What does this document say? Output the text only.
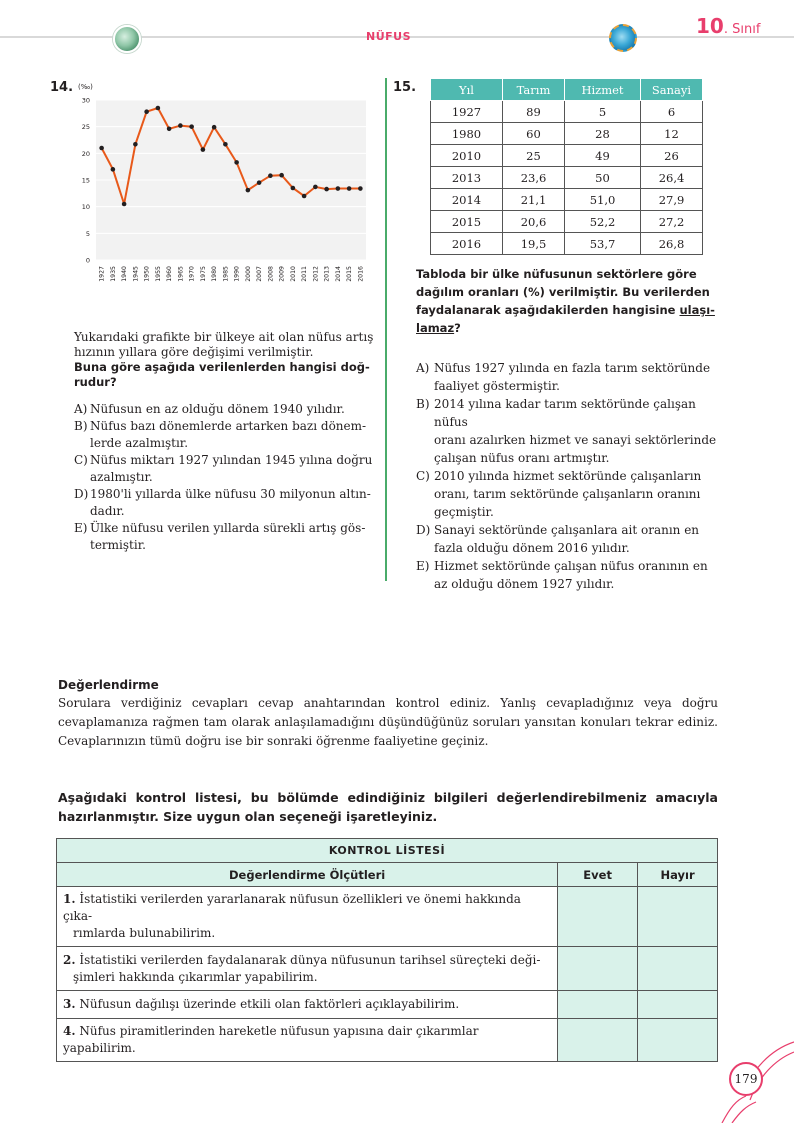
NÜFUS	10. Sınıf
14. (‰)
0
5
10
15
20
25
30
1927 1935 1940 1945 1950 1955 1960 1965 1970 1975 1980 1985 1990 2000 2007 2008 2009 2010 2011 2012 2013 2014 2015 2016

Yukarıdaki grafikte bir ülkeye ait olan nüfus artış hızının yıllara göre değişimi verilmiştir.

Buna göre aşağıda verilenlerden hangisi doğ-

rudur?

A) Nüfusun en az olduğu dönem 1940 yılıdır.
B) Nüfus bazı dönemlerde artarken bazı dönem-
lerde azalmıştır.
C) Nüfus miktarı 1927 yılından 1945 yılına doğru
azalmıştır.
D) 1980'li yıllarda ülke nüfusu 30 milyonun altın-
dadır.
E) Ülke nüfusu verilen yıllarda sürekli artış gös-
termiştir.
15.	Yıl	Tarım	Hizmet	Sanayi
1927	89	5	6
1980	60	28	12
2010	25	49	26
2013	23,6	50	26,4
2014	21,1	51,0	27,9
2015	20,6	52,2	27,2
2016	19,5	53,7	26,8
Tabloda bir ülke nüfusunun sektörlere göre
dağılım oranları (%) verilmiştir. Bu verilerden
faydalanarak aşağıdakilerden hangisine ulaşı-
lamaz?
A) Nüfus 1927 yılında en fazla tarım sektöründe
faaliyet göstermiştir.
B) 2014 yılına kadar tarım sektöründe çalışan nüfus
oranı azalırken hizmet ve sanayi sektörlerinde
çalışan nüfus oranı artmıştır.
C) 2010 yılında hizmet sektöründe çalışanların
oranı, tarım sektöründe çalışanların oranını
geçmiştir.
D) Sanayi sektöründe çalışanlara ait oranın en
fazla olduğu dönem 2016 yılıdır.
E) Hizmet sektöründe çalışan nüfus oranının en
az olduğu dönem 1927 yılıdır.
Değerlendirme
Sorulara verdiğiniz cevapları cevap anahtarından kontrol ediniz. Yanlış cevapladığınız veya doğru cevaplamanıza rağmen tam olarak anlaşılamadığını düşündüğünüz soruları yansıtan konuları tekrar ediniz. Cevaplarınızın tümü doğru ise bir sonraki öğrenme faaliyetine geçiniz.
Aşağıdaki kontrol listesi, bu bölümde edindiğiniz bilgileri değerlendirebilmeniz amacıyla hazırlanmıştır. Size uygun olan seçeneği işaretleyiniz.
KONTROL LİSTESİ		
Değerlendirme Ölçütleri	Evet	Hayır
1. İstatistiki verilerden yararlanarak nüfusun özellikleri ve önemi hakkında çıka-
rımlarda bulunabilirim.		

2. İstatistiki verilerden faydalanarak dünya nüfusunun tarihsel süreçteki deği-
şimleri hakkında çıkarımlar yapabilirim.		

3. Nüfusun dağılışı üzerinde etkili olan faktörleri açıklayabilirim.		
4. Nüfus piramitlerinden hareketle nüfusun yapısına dair çıkarımlar yapabilirim.		
179
